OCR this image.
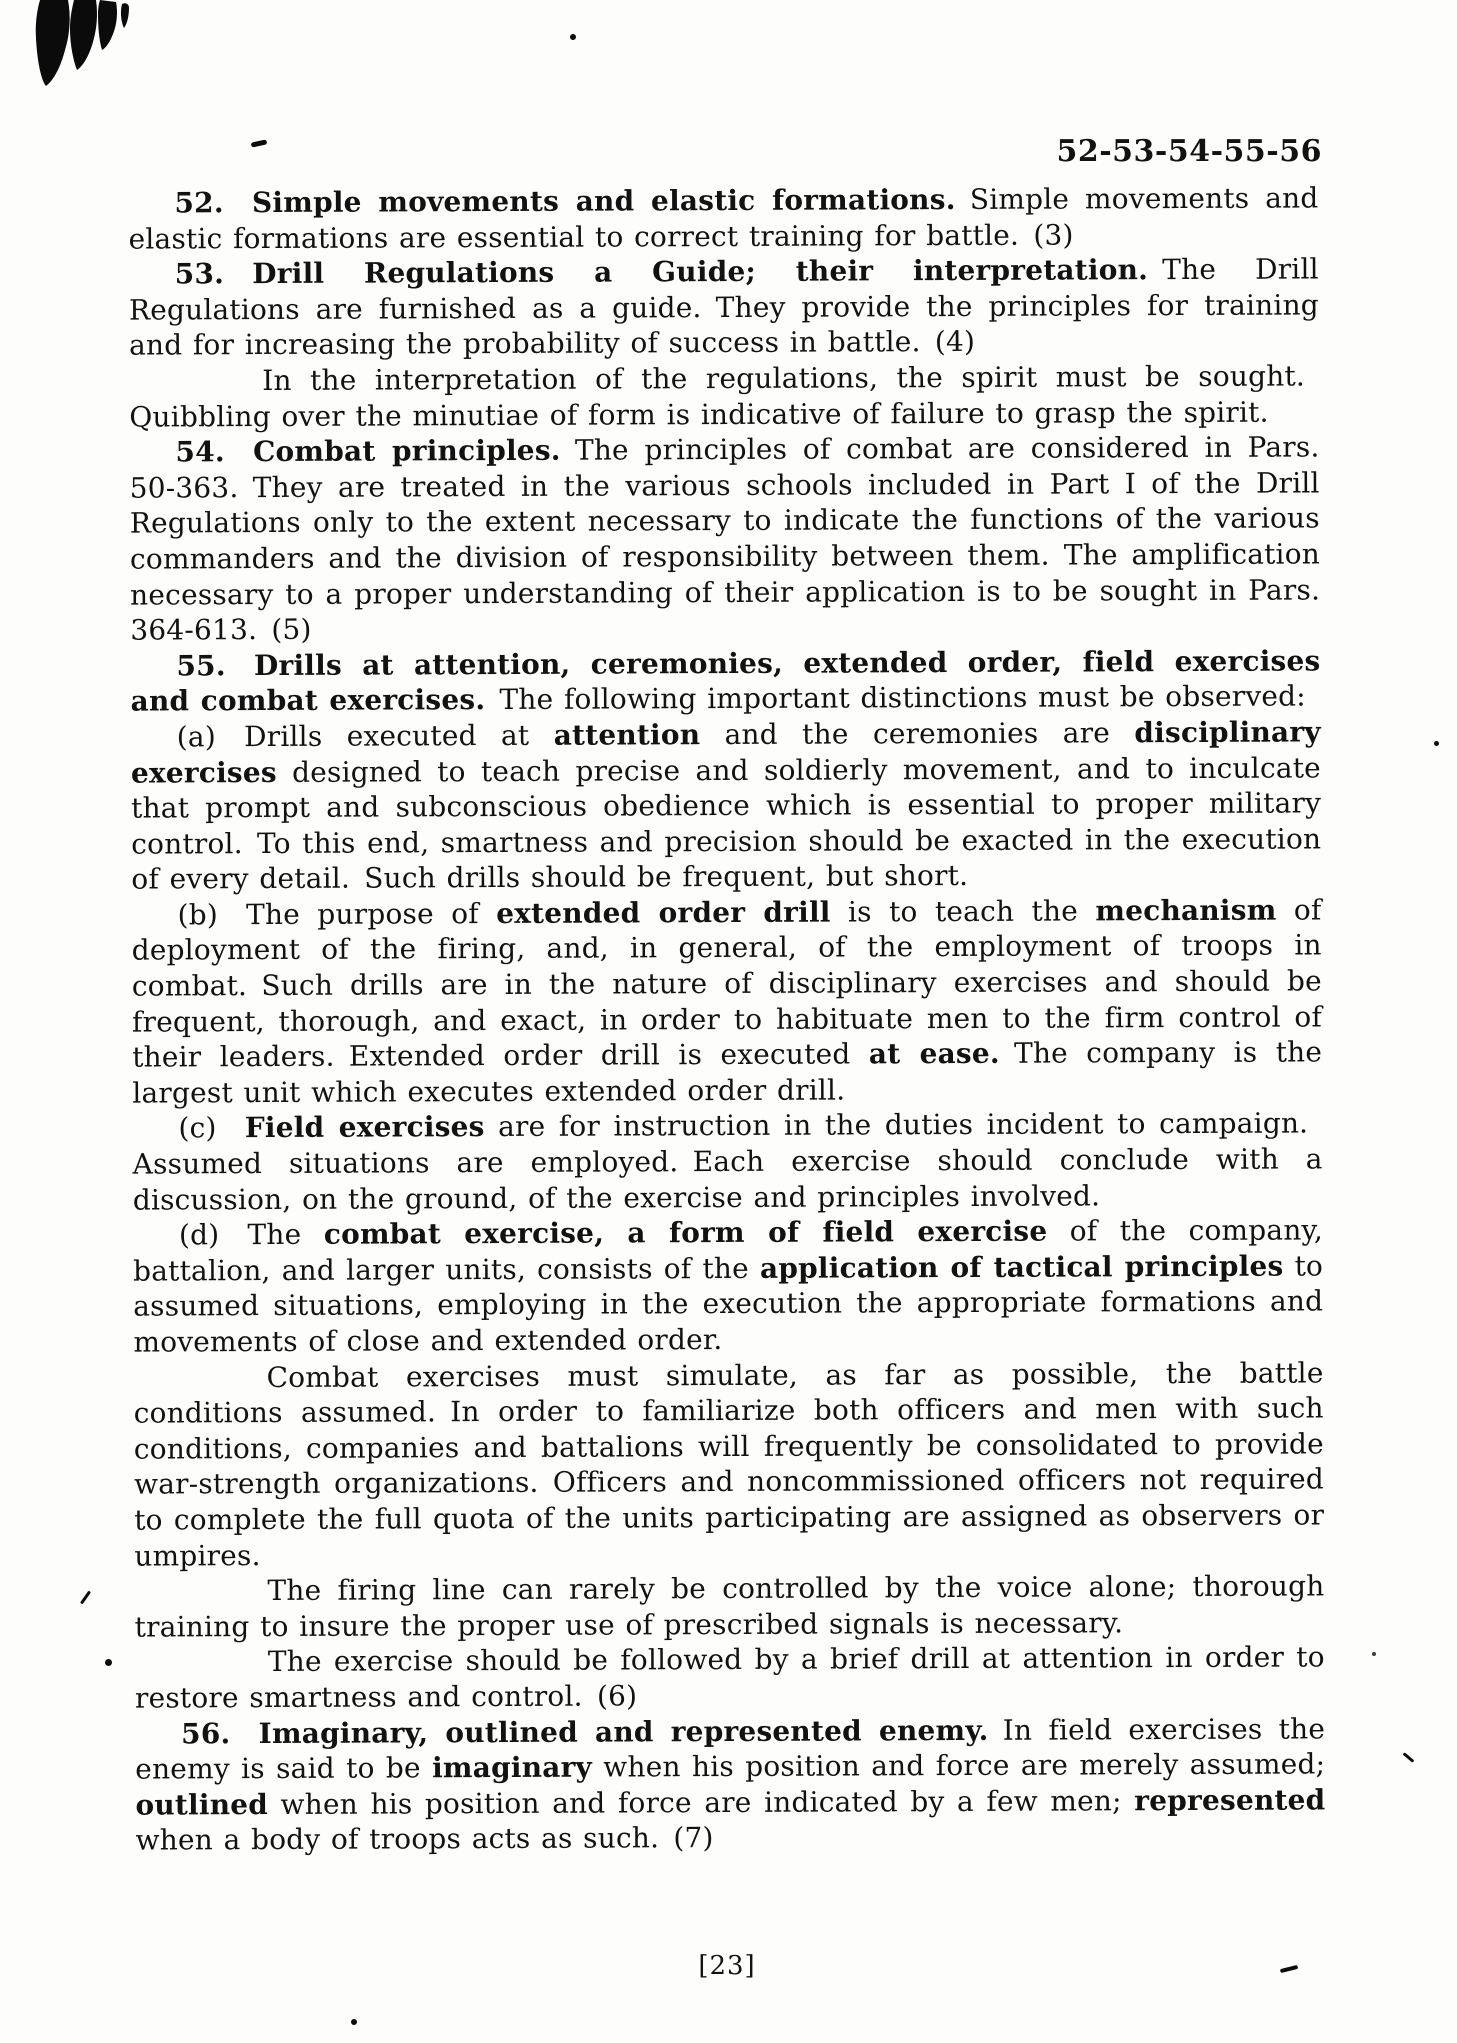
52-53-54-55-56

52. Simple movements and elastic formations. Simple movements and elastic formations are essential to correct training for battle. (3)

53. Drill Regulations a Guide; their interpretation. The Drill Regulations are furnished as a guide. They provide the principles for training and for increasing the probability of success in battle. (4)

In the interpretation of the regulations, the spirit must be sought. Quibbling over the minutiae of form is indicative of failure to grasp the spirit.

54. Combat principles. The principles of combat are considered in Pars. 50-363. They are treated in the various schools included in Part I of the Drill Regulations only to the extent necessary to indicate the functions of the various commanders and the division of responsibility between them. The amplification necessary to a proper understanding of their application is to be sought in Pars. 364-613. (5)

55. Drills at attention, ceremonies, extended order, field exercises and combat exercises. The following important distinctions must be observed:

(a) Drills executed at attention and the ceremonies are disciplinary exercises designed to teach precise and soldierly movement, and to inculcate that prompt and subconscious obedience which is essential to proper military control. To this end, smartness and precision should be exacted in the execution of every detail. Such drills should be frequent, but short.

(b) The purpose of extended order drill is to teach the mechanism of deployment of the firing, and, in general, of the employment of troops in combat. Such drills are in the nature of disciplinary exercises and should be frequent, thorough, and exact, in order to habituate men to the firm control of their leaders. Extended order drill is executed at ease. The company is the largest unit which executes extended order drill.

(c) Field exercises are for instruction in the duties incident to campaign. Assumed situations are employed. Each exercise should conclude with a discussion, on the ground, of the exercise and principles involved.

(d) The combat exercise, a form of field exercise of the company, battalion, and larger units, consists of the application of tactical principles to assumed situations, employing in the execution the appropriate formations and movements of close and extended order.

Combat exercises must simulate, as far as possible, the battle conditions assumed. In order to familiarize both officers and men with such conditions, companies and battalions will frequently be consolidated to provide war-strength organizations. Officers and noncommissioned officers not required to complete the full quota of the units participating are assigned as observers or umpires.

The firing line can rarely be controlled by the voice alone; thorough training to insure the proper use of prescribed signals is necessary.

The exercise should be followed by a brief drill at attention in order to restore smartness and control. (6)

56. Imaginary, outlined and represented enemy. In field exercises the enemy is said to be imaginary when his position and force are merely assumed; outlined when his position and force are indicated by a few men; represented when a body of troops acts as such. (7)

[23]
